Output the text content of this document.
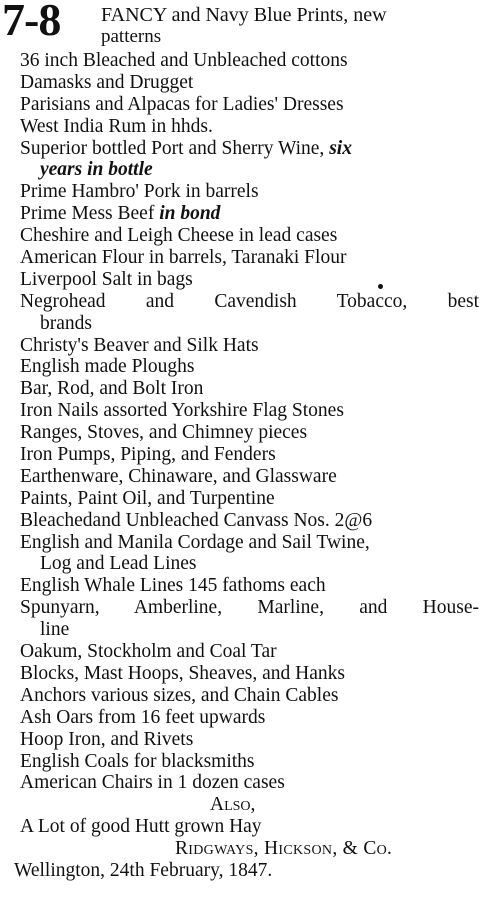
7-8 FANCY and Navy Blue Prints, new
patterns
36 inch Bleached and Unbleached cottons
Damasks and Drugget
Parisians and Alpacas for Ladies' Dresses
West India Rum in hhds.
Superior bottled Port and Sherry Wine, six
years in bottle
Prime Hambro' Pork in barrels
Prime Mess Beef in bond
Cheshire and Leigh Cheese in lead cases
American Flour in barrels, Taranaki Flour
Liverpool Salt in bags
Negrohead and Cavendish Tobacco, best
brands
Christy's Beaver and Silk Hats
English made Ploughs
Bar, Rod, and Bolt Iron
Iron Nails assorted Yorkshire Flag Stones
Ranges, Stoves, and Chimney pieces
Iron Pumps, Piping, and Fenders
Earthenware, Chinaware, and Glassware
Paints, Paint Oil, and Turpentine
Bleachedand Unbleached Canvass Nos. 2@6
English and Manila Cordage and Sail Twine,
Log and Lead Lines
English Whale Lines 145 fathoms each
Spunyarn, Amberline, Marline, and House-
line
Oakum, Stockholm and Coal Tar
Blocks, Mast Hoops, Sheaves, and Hanks
Anchors various sizes, and Chain Cables
Ash Oars from 16 feet upwards
Hoop Iron, and Rivets
English Coals for blacksmiths
American Chairs in 1 dozen cases
Also,
A Lot of good Hutt grown Hay
Ridgways, Hickson, & Co.
Wellington, 24th February, 1847.
